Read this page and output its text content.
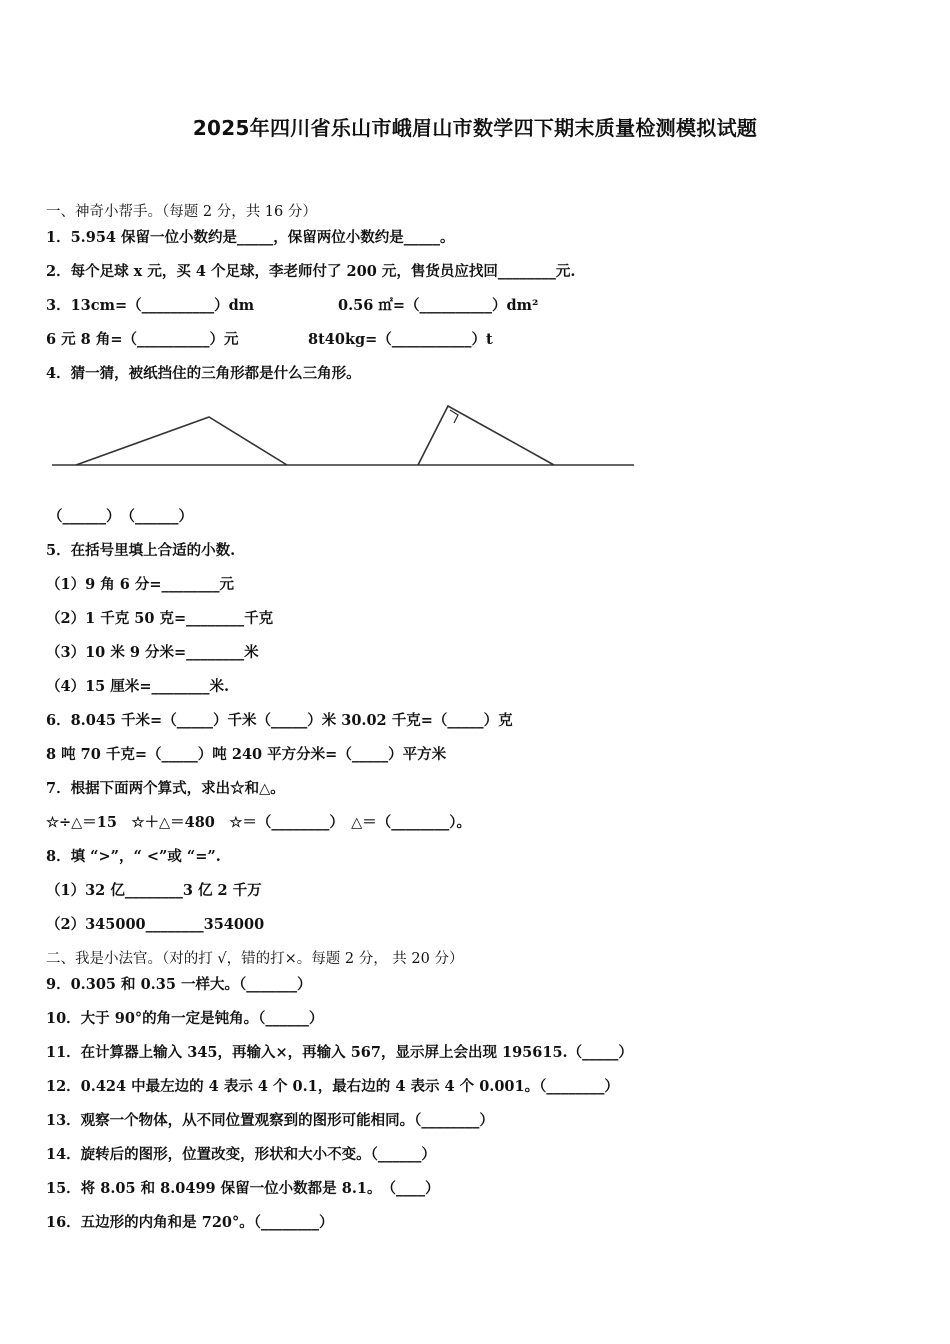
2025年四川省乐山市峨眉山市数学四下期末质量检测模拟试题
一、神奇小帮手。（每题 2 分，共 16 分）
1．5.954 保留一位小数约是_____，保留两位小数约是_____。
2．每个足球 x 元，买 4 个足球，李老师付了 200 元，售货员应找回________元.
3．13cm=（__________）dm	0.56 ㎡=（__________）dm²
6 元 8 角=（__________）元	8t40kg=（___________）t
4．猜一猜，被纸挡住的三角形都是什么三角形。
（______）　（______）
5．在括号里填上合适的小数.
（1）9 角 6 分=________元
（2）1 千克 50 克=________千克
（3）10 米 9 分米=________米
（4）15 厘米=________米.
6．8.045 千米=（_____）千米（_____）米 30.02 千克=（_____）克
8 吨 70 千克=（_____）吨 240 平方分米=（_____）平方米
7．根据下面两个算式，求出☆和△。
☆÷△＝15　☆＋△＝480　☆＝（________）　△＝（________）。
8．填 “>”，“ <”或 “=”.
（1）32 亿________3 亿 2 千万
（2）345000________354000
二、我是小法官。（对的打 √，错的打×。每题 2 分， 共 20 分）
9．0.305 和 0.35 一样大。（_______）
10．大于 90°的角一定是钝角。（______）
11．在计算器上输入 345，再输入×，再输入 567，显示屏上会出现 195615.（_____）
12．0.424 中最左边的 4 表示 4 个 0.1，最右边的 4 表示 4 个 0.001。（________）
13．观察一个物体，从不同位置观察到的图形可能相同。（________）
14．旋转后的图形，位置改变，形状和大小不变。（______）
15．将 8.05 和 8.0499 保留一位小数都是 8.1。　（____）
16．五边形的内角和是 720°。（________）
